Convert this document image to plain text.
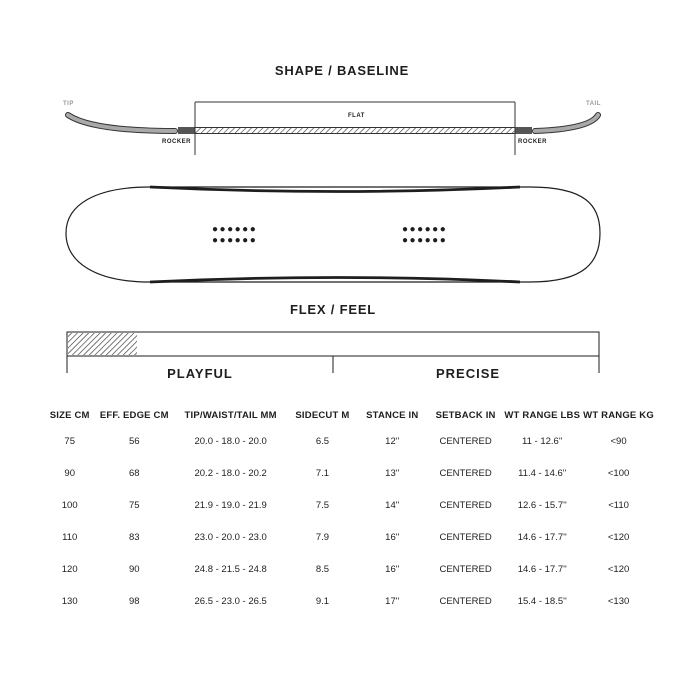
SHAPE / BASELINE
TIP	TAIL
FLAT
ROCKER	ROCKER
●●●●●●
●●●●●●
●●●●●●
●●●●●●
FLEX / FEEL
PLAYFUL	PRECISE
SIZE CM	EFF. EDGE CM	TIP/WAIST/TAIL MM	SIDECUT M	STANCE IN	SETBACK IN	WT RANGE LBS	WT RANGE KG
75	56	20.0 - 18.0 - 20.0	6.5	12''	CENTERED	11 - 12.6''	<90
90	68	20.2 - 18.0 - 20.2	7.1	13''	CENTERED	11.4 - 14.6''	<100
100	75	21.9 - 19.0 - 21.9	7.5	14''	CENTERED	12.6 - 15.7''	<110
110	83	23.0 - 20.0 - 23.0	7.9	16''	CENTERED	14.6 - 17.7''	<120
120	90	24.8 - 21.5 - 24.8	8.5	16''	CENTERED	14.6 - 17.7''	<120
130	98	26.5 - 23.0 - 26.5	9.1	17''	CENTERED	15.4 - 18.5''	<130
